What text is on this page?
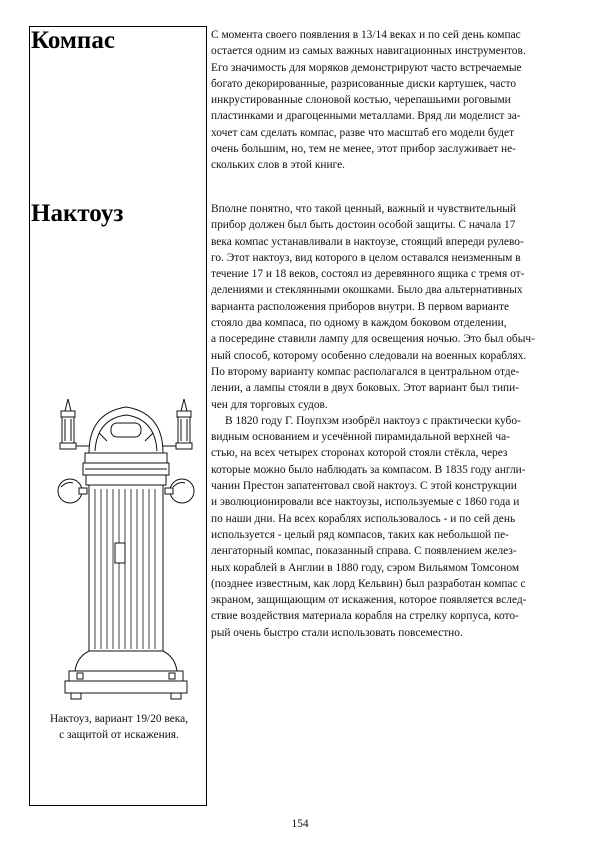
Компас
Нактоуз

С момента своего появления в 13/14 веках и по сей день компас
остается одним из самых важных навигационных инструментов.
Его значимость для моряков демонстрируют часто встречаемые
богато декорированные, разрисованные диски картушек, часто
инкрустированные слоновой костью, черепашьими роговыми
пластинками и драгоценными металлами. Вряд ли моделист за-
хочет сам сделать компас, разве что масштаб его модели будет
очень большим, но, тем не менее, этот прибор заслуживает не-
скольких слов в этой книге.

Вполне понятно, что такой ценный, важный и чувствительный
прибор должен был быть достоин особой защиты. С начала 17
века компас устанавливали в нактоузе, стоящий впереди рулево-
го. Этот нактоуз, вид которого в целом оставался неизменным в
течение 17 и 18 веков, состоял из деревянного ящика с тремя от-
делениями и стеклянными окошками. Было два альтернативных
варианта расположения приборов внутри. В первом варианте
стояло два компаса, по одному в каждом боковом отделении,
а посередине ставили лампу для освещения ночью. Это был обыч-
ный способ, которому особенно следовали на военных кораблях.
По второму варианту компас располагался в центральном отде-
лении, а лампы стояли в двух боковых. Этот вариант был типи-
чен для торговых судов.

В 1820 году Г. Поупхэм изобрёл нактоуз с практически кубо-
видным основанием и усечённой пирамидальной верхней ча-
стью, на всех четырех сторонах которой стояли стёкла, через
которые можно было наблюдать за компасом. В 1835 году англи-
чанин Престон запатентовал свой нактоуз. С этой конструкции
и эволюционировали все нактоузы, используемые с 1860 года и
по наши дни. На всех кораблях использовалось - и по сей день
используется - целый ряд компасов, таких как небольшой пе-
ленгаторный компас, показанный справа. С появлением желез-
ных кораблей в Англии в 1880 году, сэром Вильямом Томсоном
(позднее известным, как лорд Кельвин) был разработан компас с
экраном, защищающим от искажения, которое появляется вслед-
ствие воздействия материала корабля на стрелку корпуса, кото-
рый очень быстро стали использовать повсеместно.

Нактоуз, вариант 19/20 века,
с защитой от искажения.

154
